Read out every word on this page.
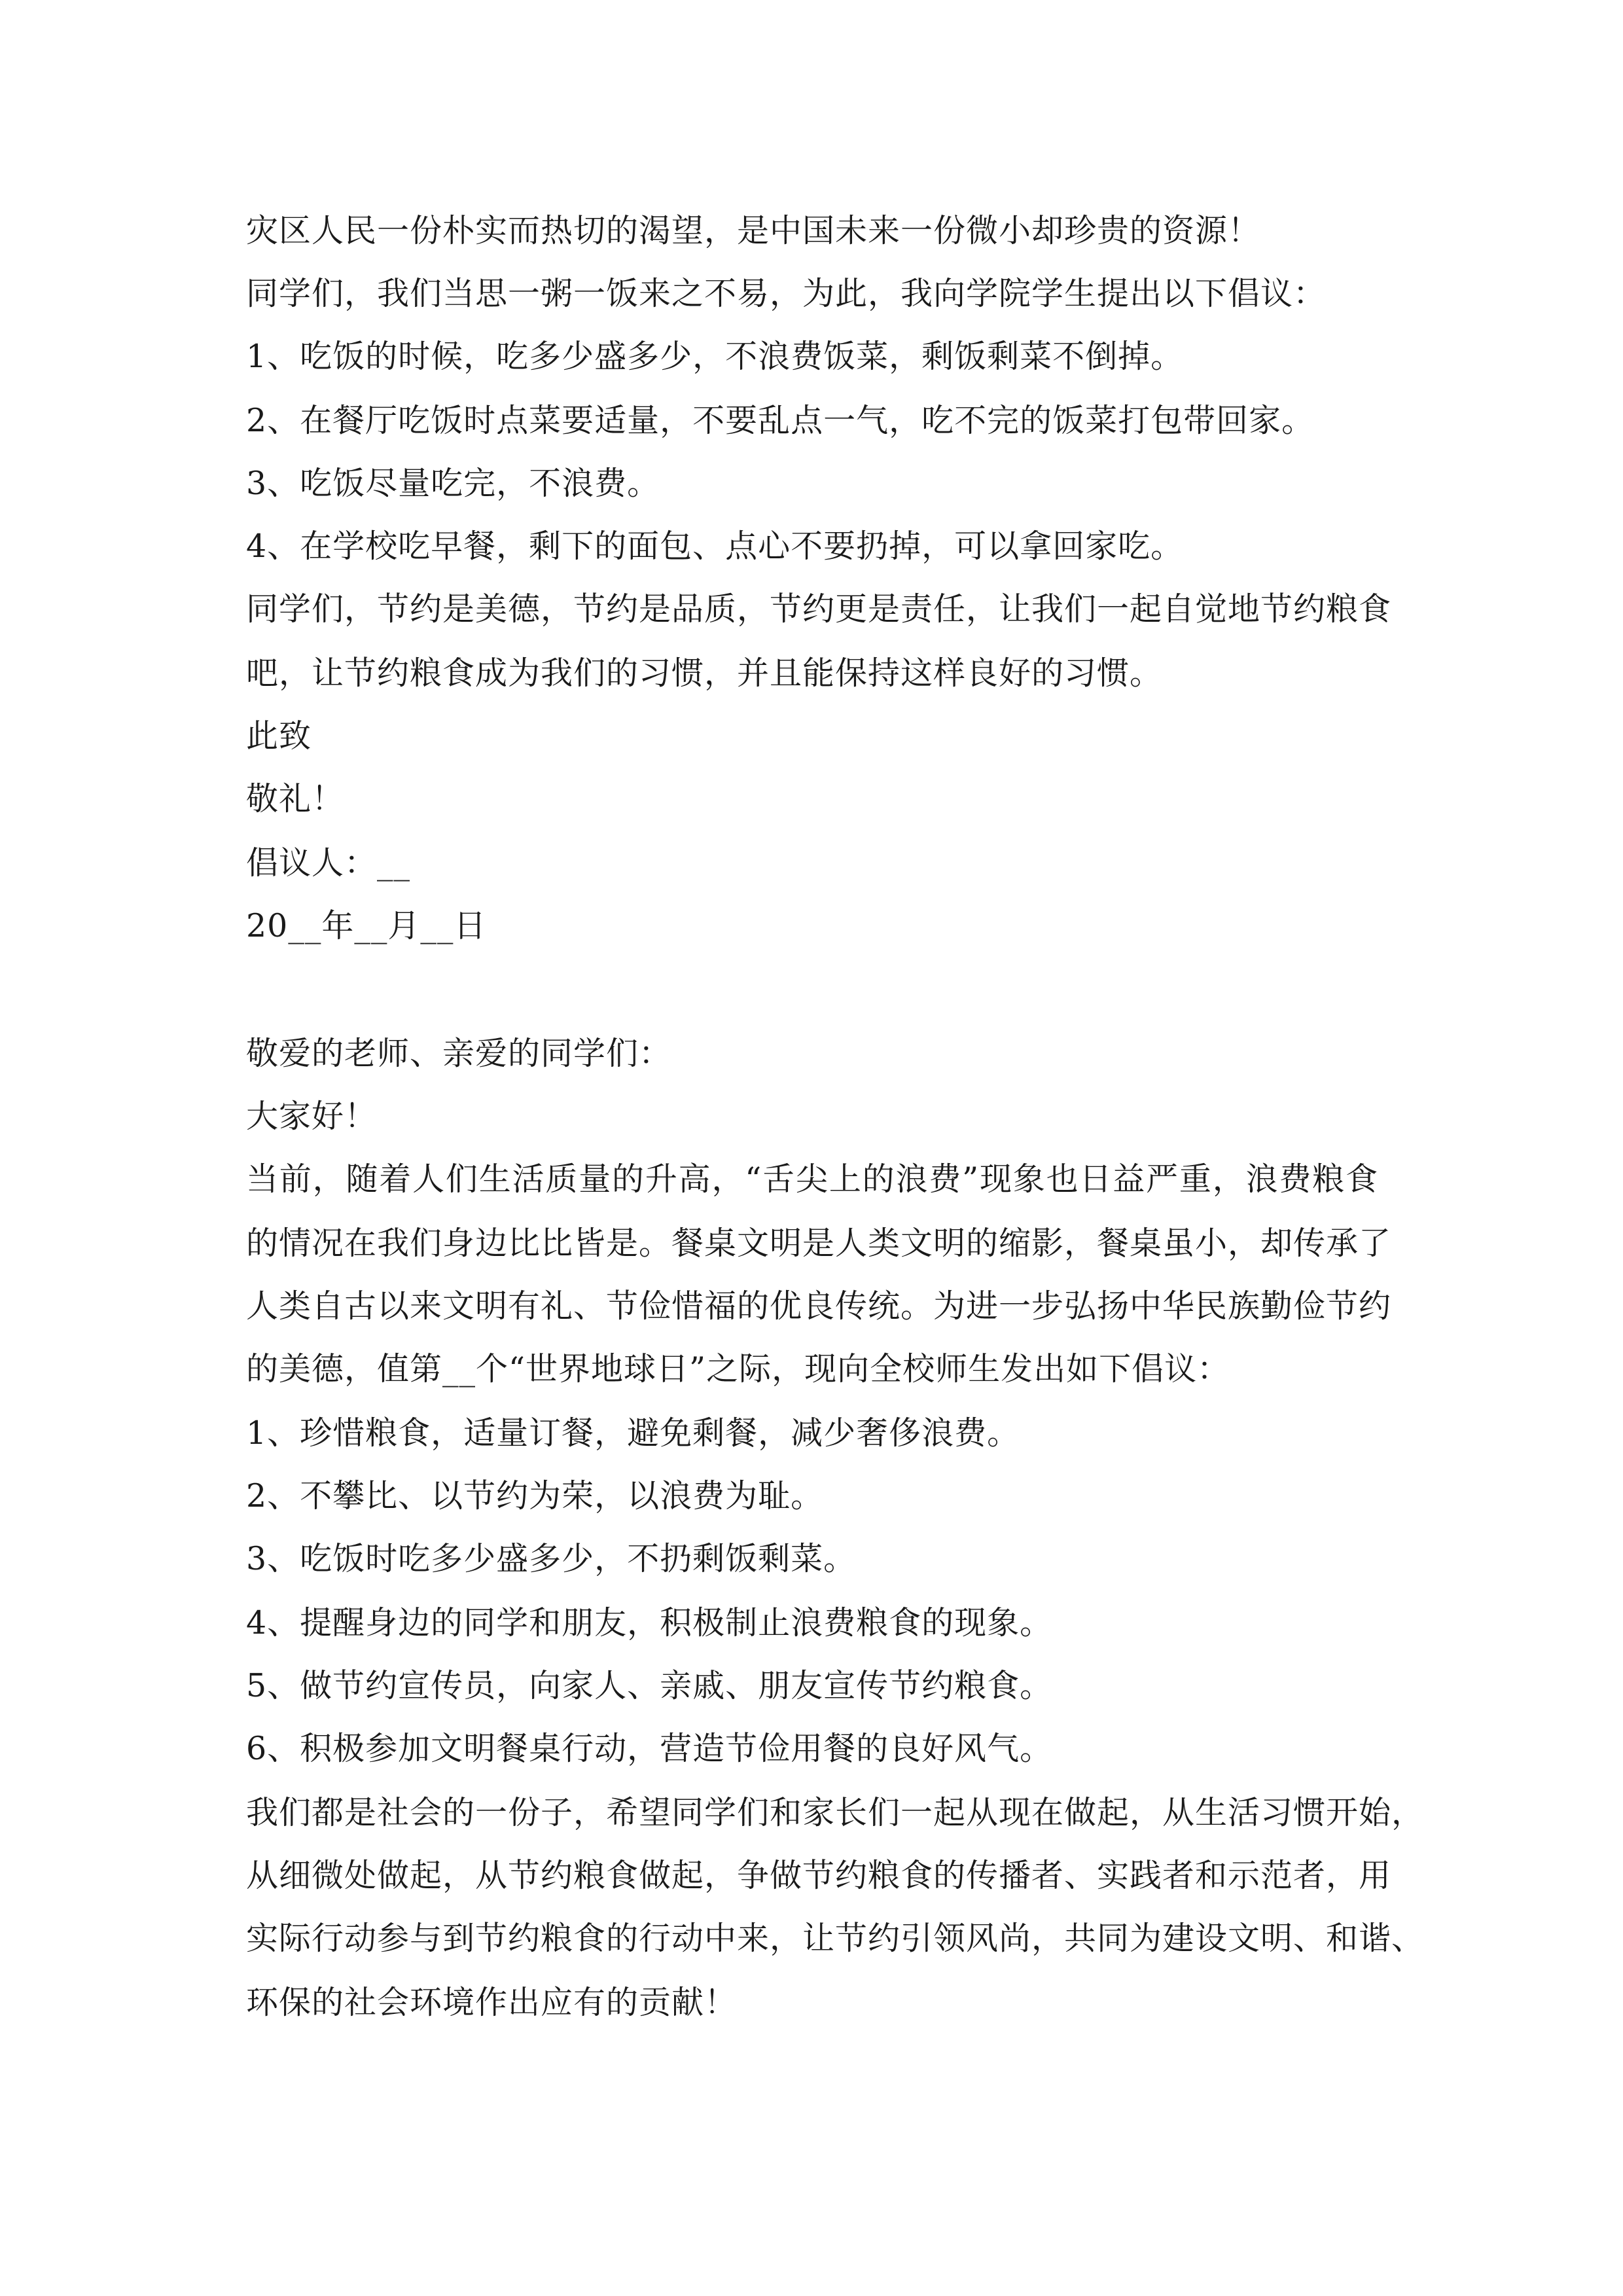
灾区人民一份朴实而热切的渴望，是中国未来一份微小却珍贵的资源！
同学们，我们当思一粥一饭来之不易，为此，我向学院学生提出以下倡议：
1、吃饭的时候，吃多少盛多少，不浪费饭菜，剩饭剩菜不倒掉。
2、在餐厅吃饭时点菜要适量，不要乱点一气，吃不完的饭菜打包带回家。
3、吃饭尽量吃完，不浪费。
4、在学校吃早餐，剩下的面包、点心不要扔掉，可以拿回家吃。
同学们，节约是美德，节约是品质，节约更是责任，让我们一起自觉地节约粮食
吧，让节约粮食成为我们的习惯，并且能保持这样良好的习惯。
此致
敬礼！
倡议人：__
20__年__月__日
敬爱的老师、亲爱的同学们：
大家好！
当前，随着人们生活质量的升高，“舌尖上的浪费”现象也日益严重，浪费粮食
的情况在我们身边比比皆是。餐桌文明是人类文明的缩影，餐桌虽小，却传承了
人类自古以来文明有礼、节俭惜福的优良传统。为进一步弘扬中华民族勤俭节约
的美德，值第__个“世界地球日”之际，现向全校师生发出如下倡议：
1、珍惜粮食，适量订餐，避免剩餐，减少奢侈浪费。
2、不攀比、以节约为荣，以浪费为耻。
3、吃饭时吃多少盛多少，不扔剩饭剩菜。
4、提醒身边的同学和朋友，积极制止浪费粮食的现象。
5、做节约宣传员，向家人、亲戚、朋友宣传节约粮食。
6、积极参加文明餐桌行动，营造节俭用餐的良好风气。
我们都是社会的一份子，希望同学们和家长们一起从现在做起，从生活习惯开始，
从细微处做起，从节约粮食做起，争做节约粮食的传播者、实践者和示范者，用
实际行动参与到节约粮食的行动中来，让节约引领风尚，共同为建设文明、和谐、
环保的社会环境作出应有的贡献！
